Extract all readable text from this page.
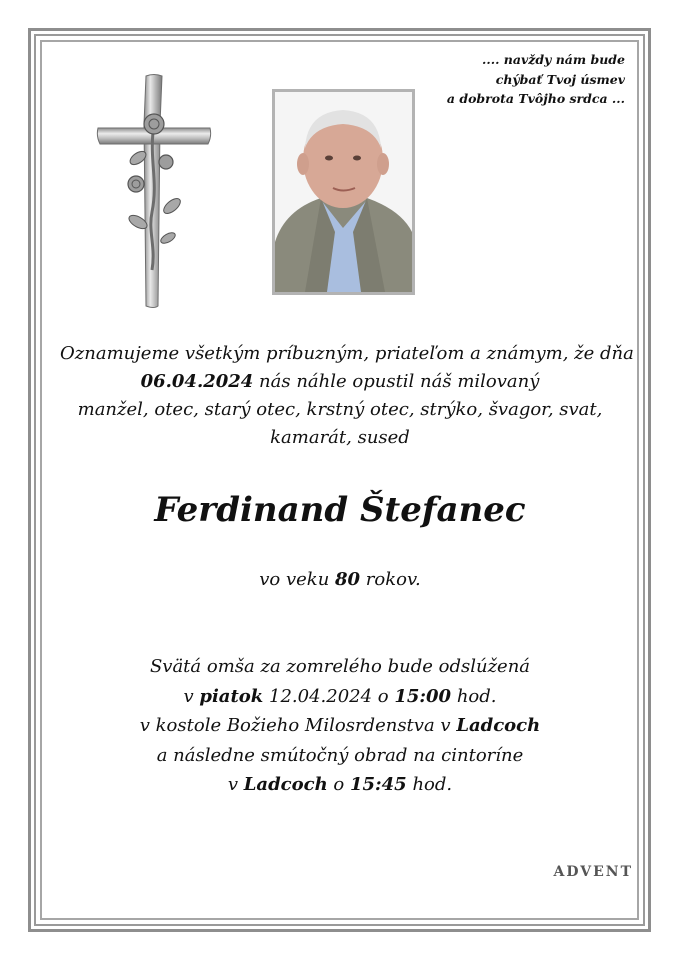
.... navždy nám bude
chýbať Tvoj úsmev
a dobrota Tvôjho srdca ...

Oznamujeme všetkým príbuzným, priateľom a známym, že dňa

06.04.2024 nás náhle opustil náš milovaný

manžel, otec, starý otec, krstný otec, strýko, švagor, svat,

kamarát, sused

Ferdinand Štefanec
vo veku 80 rokov.

Svätá omša za zomrelého bude odslúžená

v piatok 12.04.2024 o 15:00 hod.

v kostole Božieho Milosrdenstva v Ladcoch

a následne smútočný obrad na cintoríne

v Ladcoch o 15:45 hod.

ADVENT
